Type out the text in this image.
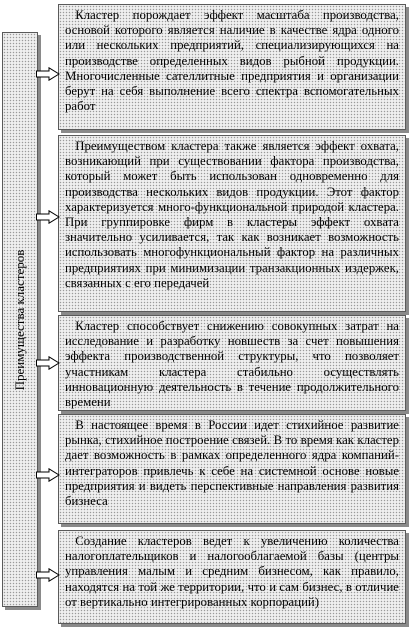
Преимущества кластеров

Кластер порождает эффект масштаба производства, основой которого является наличие в качестве ядра одного или нескольких предприятий, специализирующихся на производстве определенных видов рыбной продукции. Многочисленные сателлитные предприятия и организации берут на себя выполнение всего спектра вспомогательных работ

Преимуществом кластера также является эффект охвата, возникающий при существовании фактора производства, который может быть использован одновременно для производства нескольких видов продукции. Этот фактор характеризуется много-функциональной природой кластера. При группировке фирм в кластеры эффект охвата значительно усиливается, так как возникает возможность использовать многофункциональный фактор на различных предприятиях при минимизации транзакционных издержек, связанных с его передачей

Кластер способствует снижению совокупных затрат на исследование и разработку новшеств за счет повышения эффекта производственной структуры, что позволяет участникам кластера стабильно осуществлять инновационную деятельность в течение продолжительного времени

В настоящее время в России идет стихийное развитие рынка, стихийное построение связей. В то время как кластер дает возможность в рамках определенного ядра компаний-интеграторов привлечь к себе на системной основе новые предприятия и видеть перспективные направления развития бизнеса

Создание кластеров ведет к увеличению количества налогоплательщиков и налогооблагаемой базы (центры управления малым и средним бизнесом, как правило, находятся на той же территории, что и сам бизнес, в отличие от вертикально интегрированных корпораций)
